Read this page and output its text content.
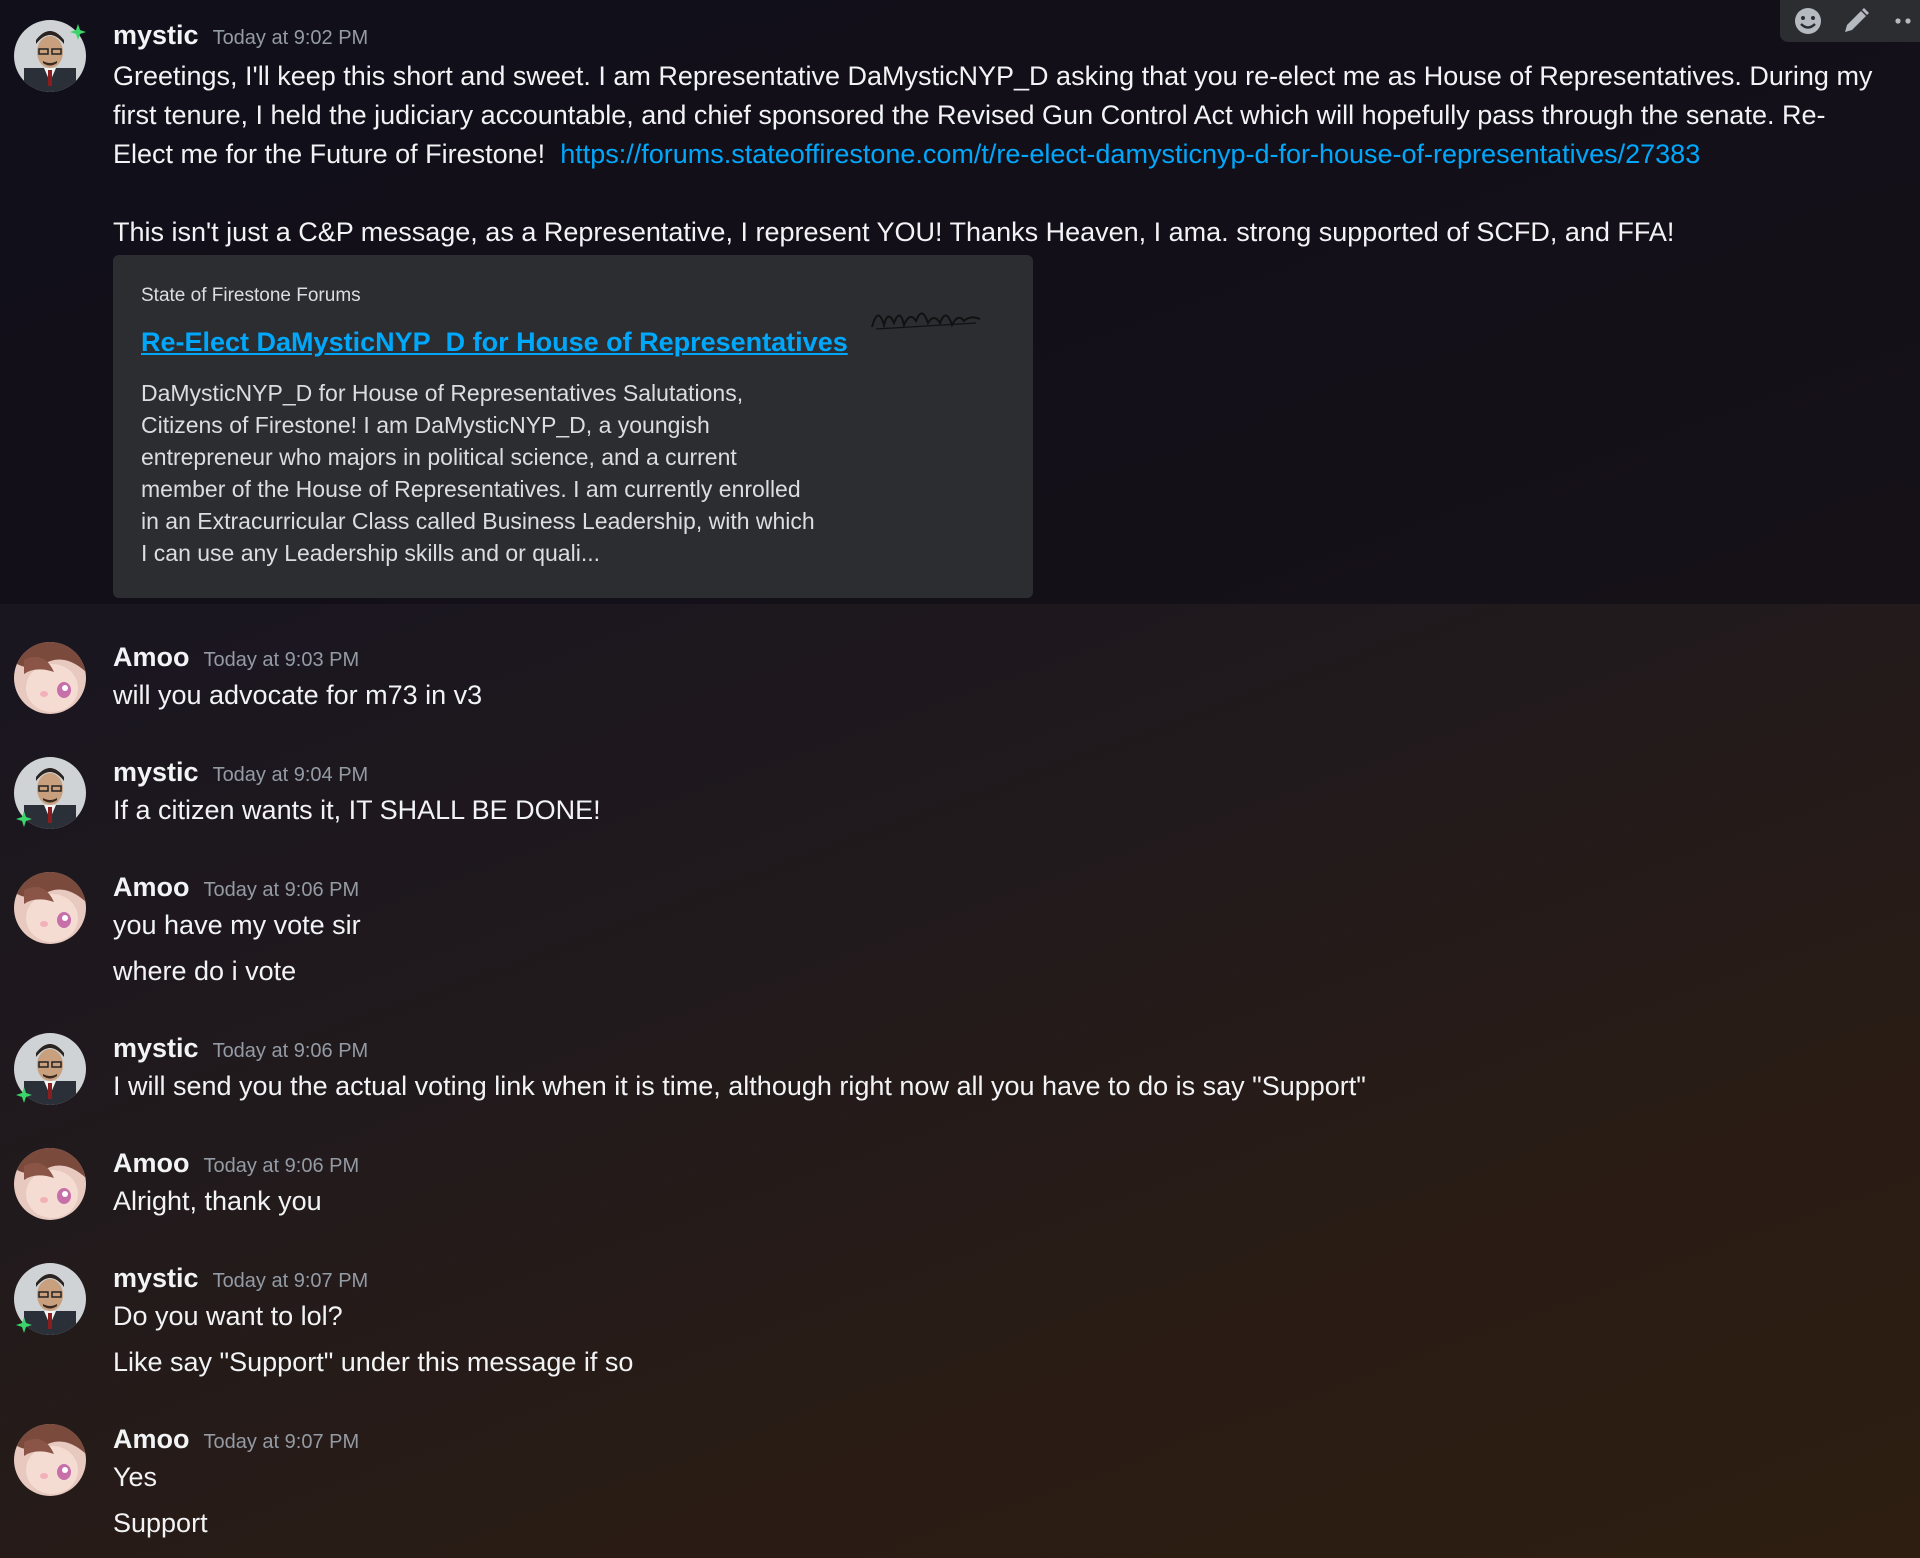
mystic Today at 9:02 PM
Greetings, I'll keep this short and sweet. I am Representative DaMysticNYP_D asking that you re-elect me as House of Representatives. During my
first tenure, I held the judiciary accountable, and chief sponsored the Revised Gun Control Act which will hopefully pass through the senate. Re-
Elect me for the Future of Firestone! https://forums.stateoffirestone.com/t/re-elect-damysticnyp-d-for-house-of-representatives/27383
This isn't just a C&P message, as a Representative, I represent YOU! Thanks Heaven, I ama. strong supported of SCFD, and FFA!
State of Firestone Forums
Re-Elect DaMysticNYP_D for House of Representatives
DaMysticNYP_D for House of Representatives Salutations,
Citizens of Firestone! I am DaMysticNYP_D, a youngish
entrepreneur who majors in political science, and a current
member of the House of Representatives. I am currently enrolled
in an Extracurricular Class called Business Leadership, with which
I can use any Leadership skills and or quali...
Amoo Today at 9:03 PM
will you advocate for m73 in v3
mystic Today at 9:04 PM
If a citizen wants it, IT SHALL BE DONE!
Amoo Today at 9:06 PM
you have my vote sir
where do i vote
mystic Today at 9:06 PM
I will send you the actual voting link when it is time, although right now all you have to do is say "Support"
Amoo Today at 9:06 PM
Alright, thank you
mystic Today at 9:07 PM
Do you want to lol?
Like say "Support" under this message if so
Amoo Today at 9:07 PM
Yes
Support
